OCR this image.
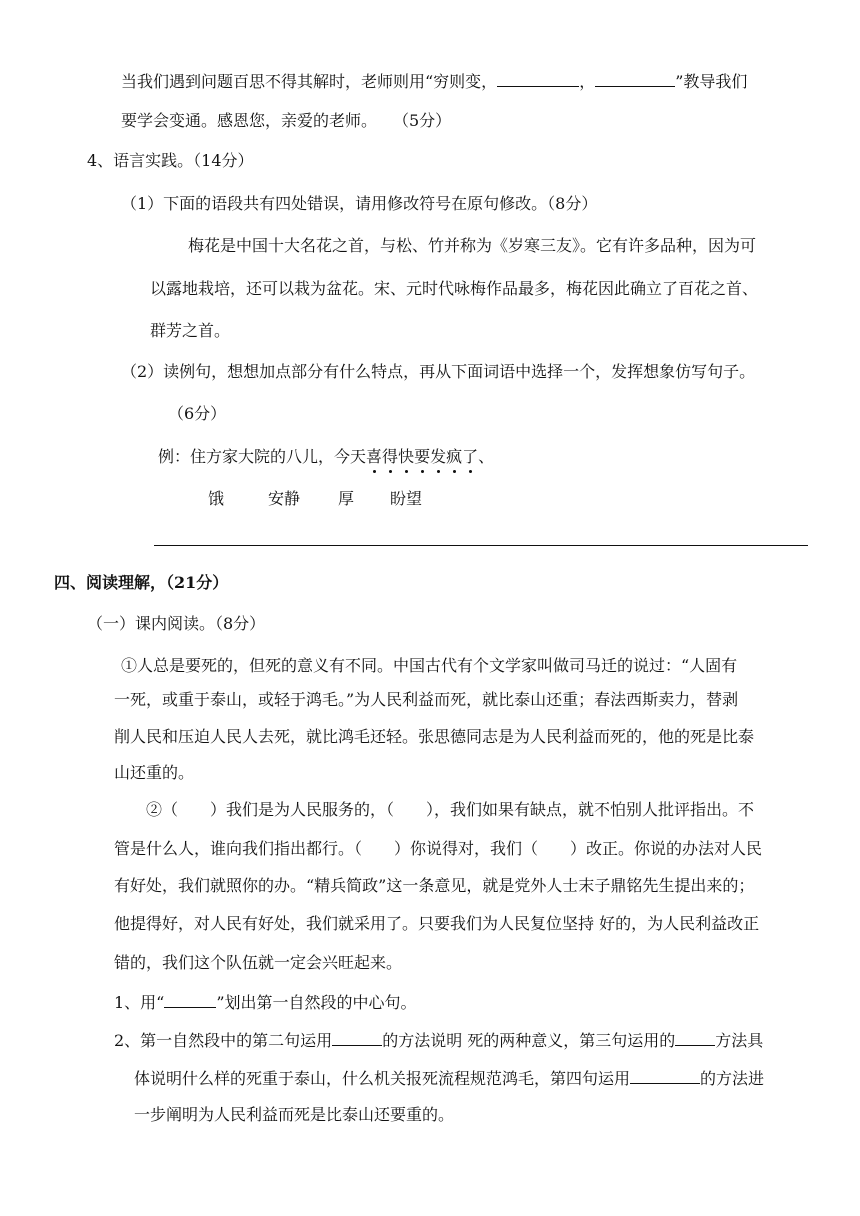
当我们遇到问题百思不得其解时，老师则用“穷则变，	，	”教导我们
要学会变通。感恩您，亲爱的老师。　　（5分）
4、语言实践。（14分）
（1）下面的语段共有四处错误，请用修改符号在原句修改。（8分）
梅花是中国十大名花之首，与松、竹并称为《岁寒三友》。它有许多品种，因为可
以露地栽培，还可以栽为盆花。宋、元时代咏梅作品最多，梅花因此确立了百花之首、
群芳之首。
（2）读例句，想想加点部分有什么特点，再从下面词语中选择一个，发挥想象仿写句子。
（6分）
例：住方家大院的八儿，今天喜得快要发疯了、
饿	安静 厚 盼望
四、阅读理解，（21分）
（一）课内阅读。（8分）
①人总是要死的，但死的意义有不同。中国古代有个文学家叫做司马迁的说过：“人固有
一死，或重于泰山，或轻于鸿毛。”为人民利益而死，就比泰山还重；春法西斯卖力，替剥
削人民和压迫人民人去死，就比鸿毛还轻。张思德同志是为人民利益而死的，他的死是比泰
山还重的。
②（　　）我们是为人民服务的，（　　），我们如果有缺点，就不怕别人批评指出。不
管是什么人，谁向我们指出都行。（　　）你说得对，我们（　　）改正。你说的办法对人民
有好处，我们就照你的办。“精兵简政”这一条意见，就是党外人士末子鼎铭先生提出来的；
他提得好，对人民有好处，我们就采用了。只要我们为人民复位坚持 好的，为人民利益改正
错的，我们这个队伍就一定会兴旺起来。
1、用“	”划出第一自然段的中心句。
2、第一自然段中的第二句运用	的方法说明 死的两种意义，第三句运用的	方法具
体说明什么样的死重于泰山，什么机关报死流程规范鸿毛，第四句运用	的方法进
一步阐明为人民利益而死是比泰山还要重的。
